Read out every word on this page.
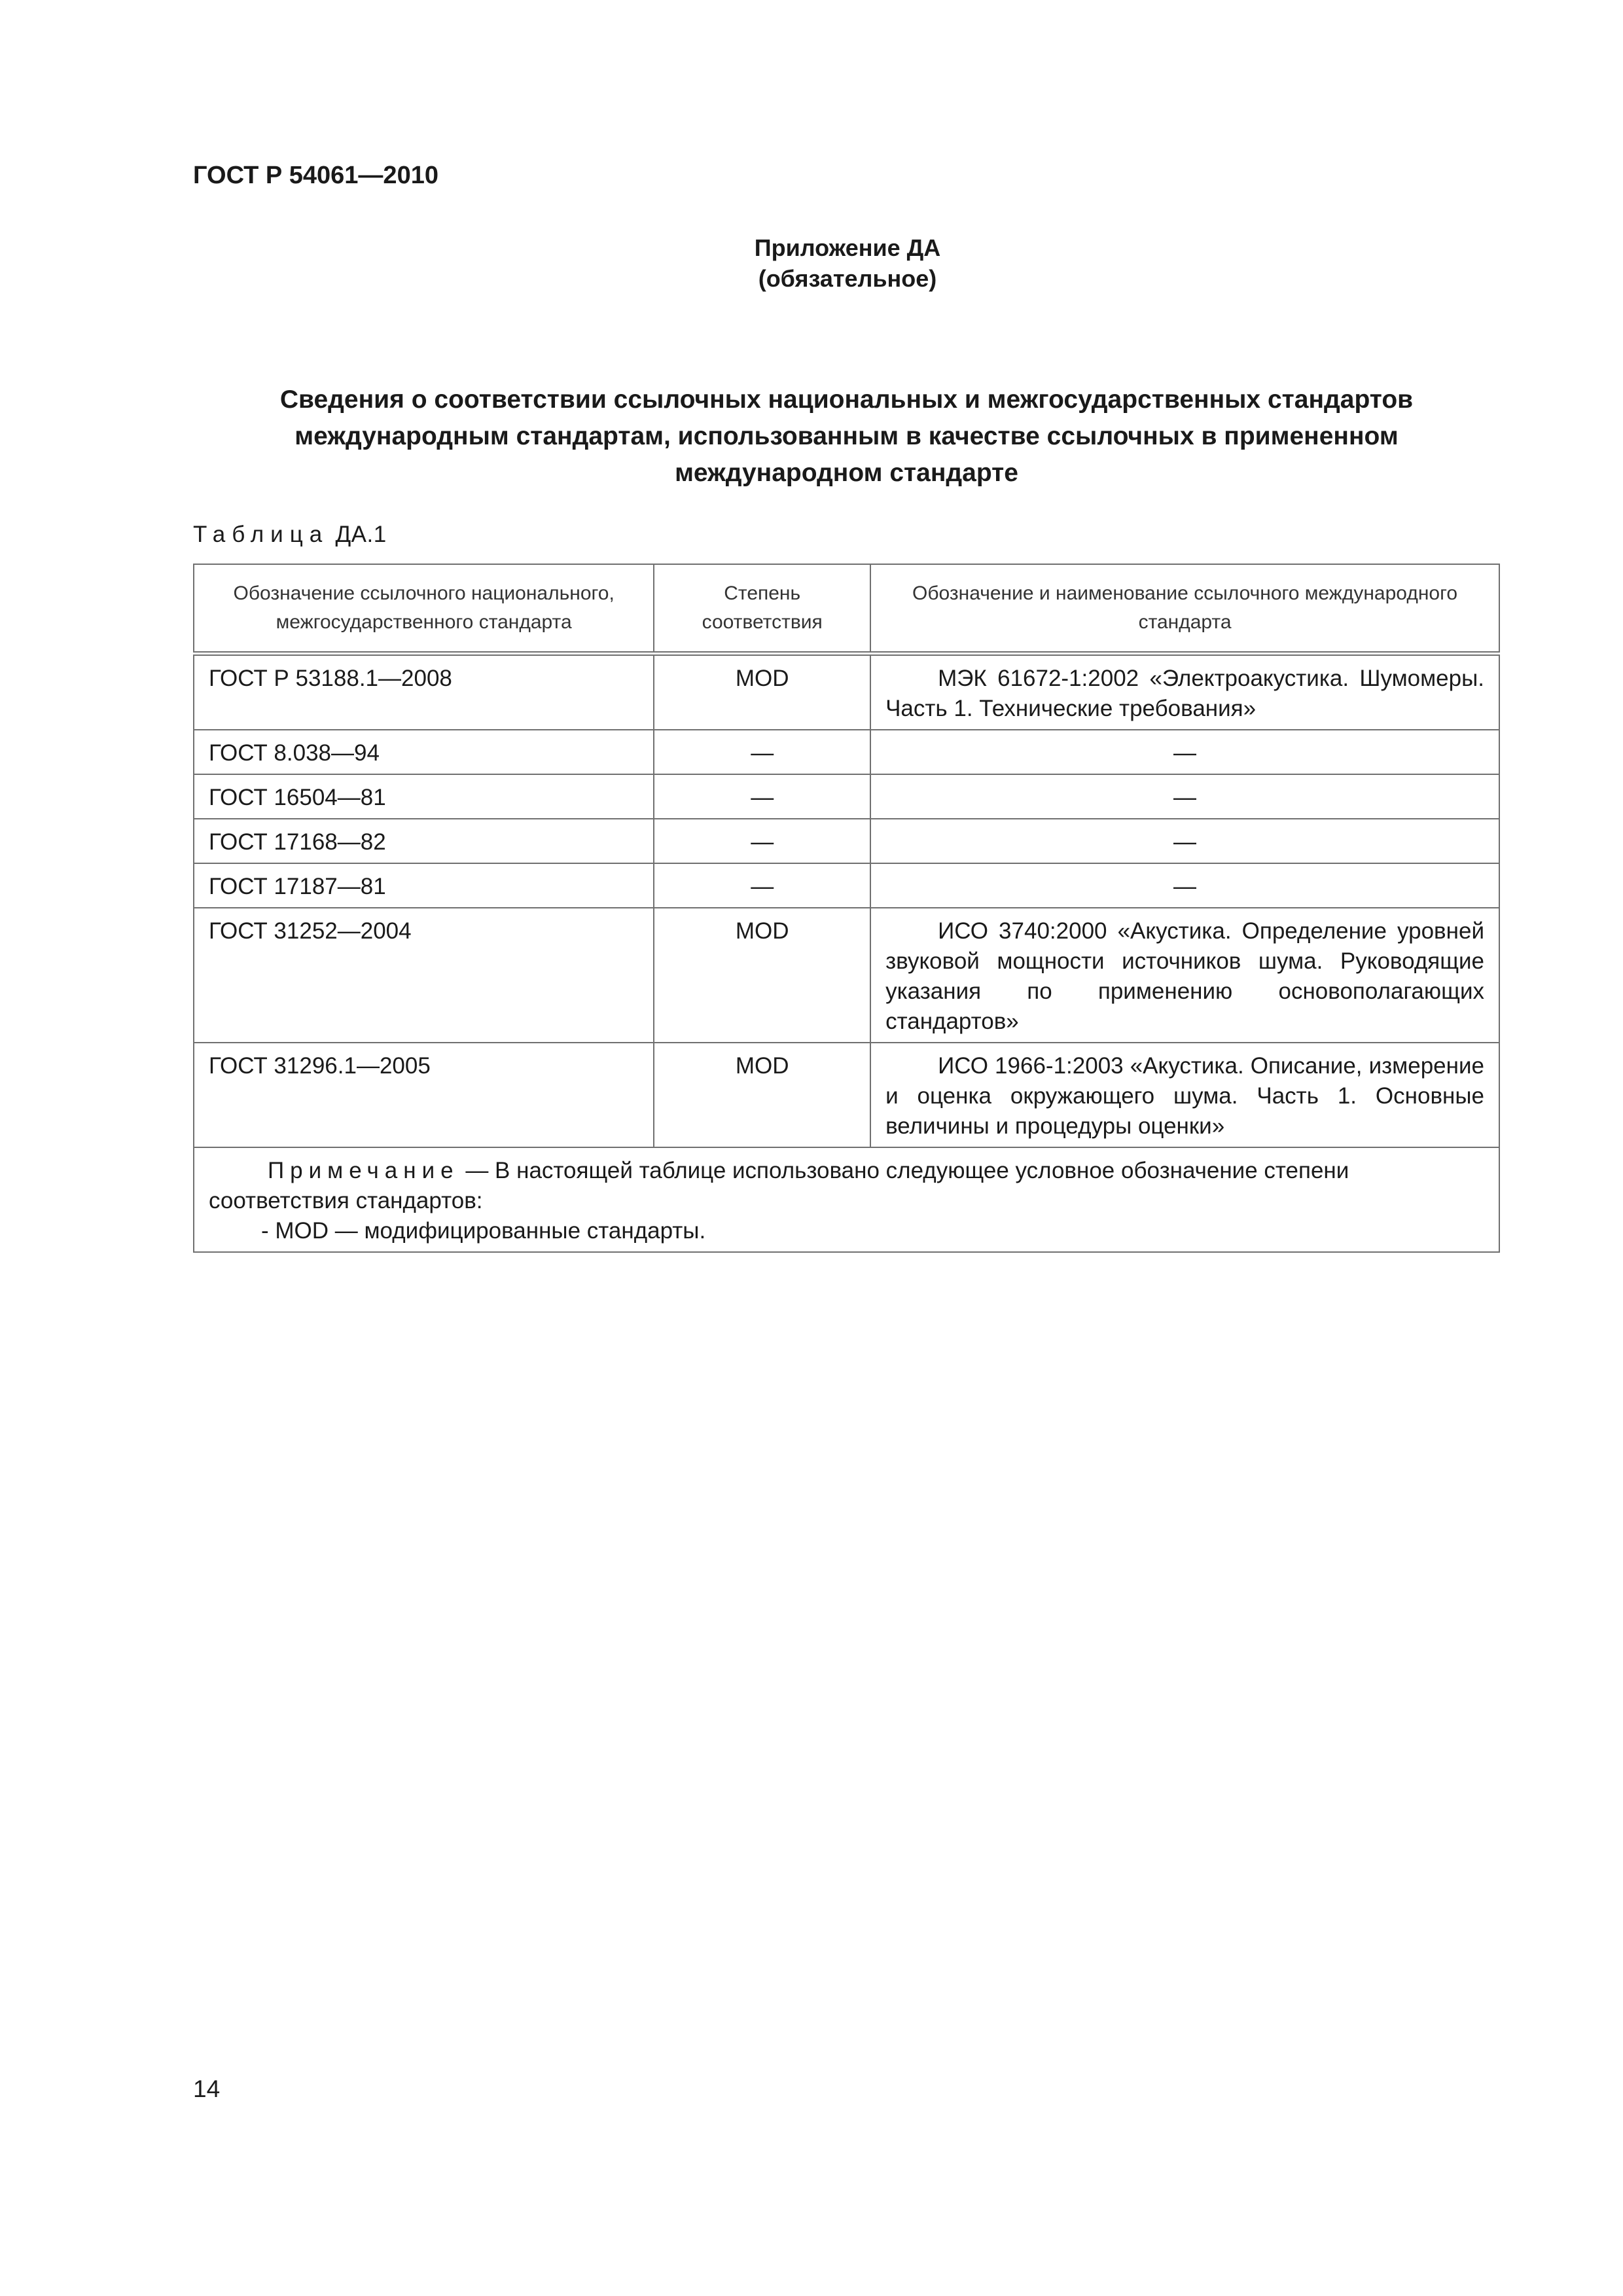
ГОСТ Р 54061—2010
Приложение ДА
(обязательное)
Сведения о соответствии ссылочных национальных и межгосударственных стандартов
международным стандартам, использованным в качестве ссылочных в примененном
международном стандарте
Таблица ДА.1
Обозначение ссылочного национального, межгосударственного стандарта	Степень соответствия	Обозначение и наименование ссылочного международного стандарта
ГОСТ Р 53188.1—2008	MOD	МЭК 61672-1:2002 «Электроакустика. Шумомеры. Часть 1. Технические требования»
ГОСТ 8.038—94	—	—
ГОСТ 16504—81	—	—
ГОСТ 17168—82	—	—
ГОСТ 17187—81	—	—
ГОСТ 31252—2004	MOD	ИСО 3740:2000 «Акустика. Определение уровней звуковой мощности источников шума. Руководящие указания по применению основополагающих стандартов»
ГОСТ 31296.1—2005	MOD	ИСО 1966-1:2003 «Акустика. Описание, измерение и оценка окружающего шума. Часть 1. Основные величины и процедуры оценки»

Примечание — В настоящей таблице использовано следующее условное обозначение степени соответствия стандартов:
- MOD — модифицированные стандарты.		
14
